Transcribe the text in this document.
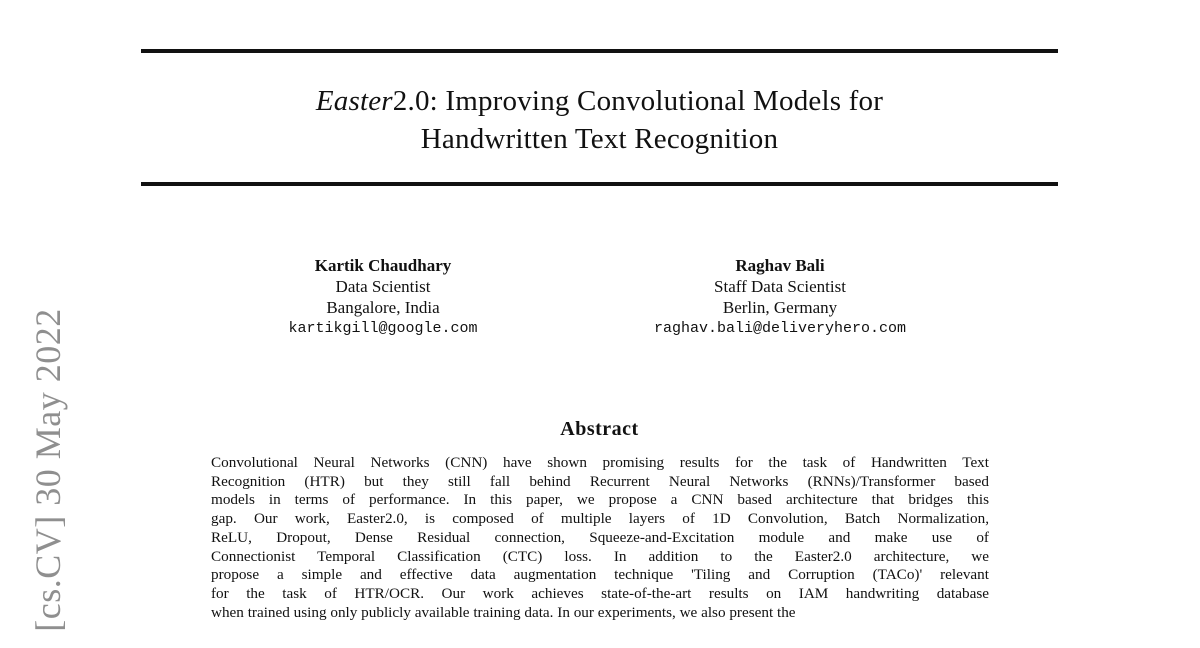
Easter2.0: Improving Convolutional Models for
Handwritten Text Recognition
Kartik Chaudhary
Data Scientist
Bangalore, India
kartikgill@google.com
Raghav Bali
Staff Data Scientist
Berlin, Germany
raghav.bali@deliveryhero.com
Abstract
Convolutional Neural Networks (CNN) have shown promising results for the task of Handwritten Text
Recognition (HTR) but they still fall behind Recurrent Neural Networks (RNNs)/Transformer based
models in terms of performance. In this paper, we propose a CNN based architecture that bridges this
gap. Our work, Easter2.0, is composed of multiple layers of 1D Convolution, Batch Normalization,
ReLU, Dropout, Dense Residual connection, Squeeze-and-Excitation module and make use of
Connectionist Temporal Classification (CTC) loss. In addition to the Easter2.0 architecture, we
propose a simple and effective data augmentation technique 'Tiling and Corruption (TACo)' relevant
for the task of HTR/OCR. Our work achieves state-of-the-art results on IAM handwriting database
when trained using only publicly available training data. In our experiments, we also present the
[cs.CV] 30 May 2022
